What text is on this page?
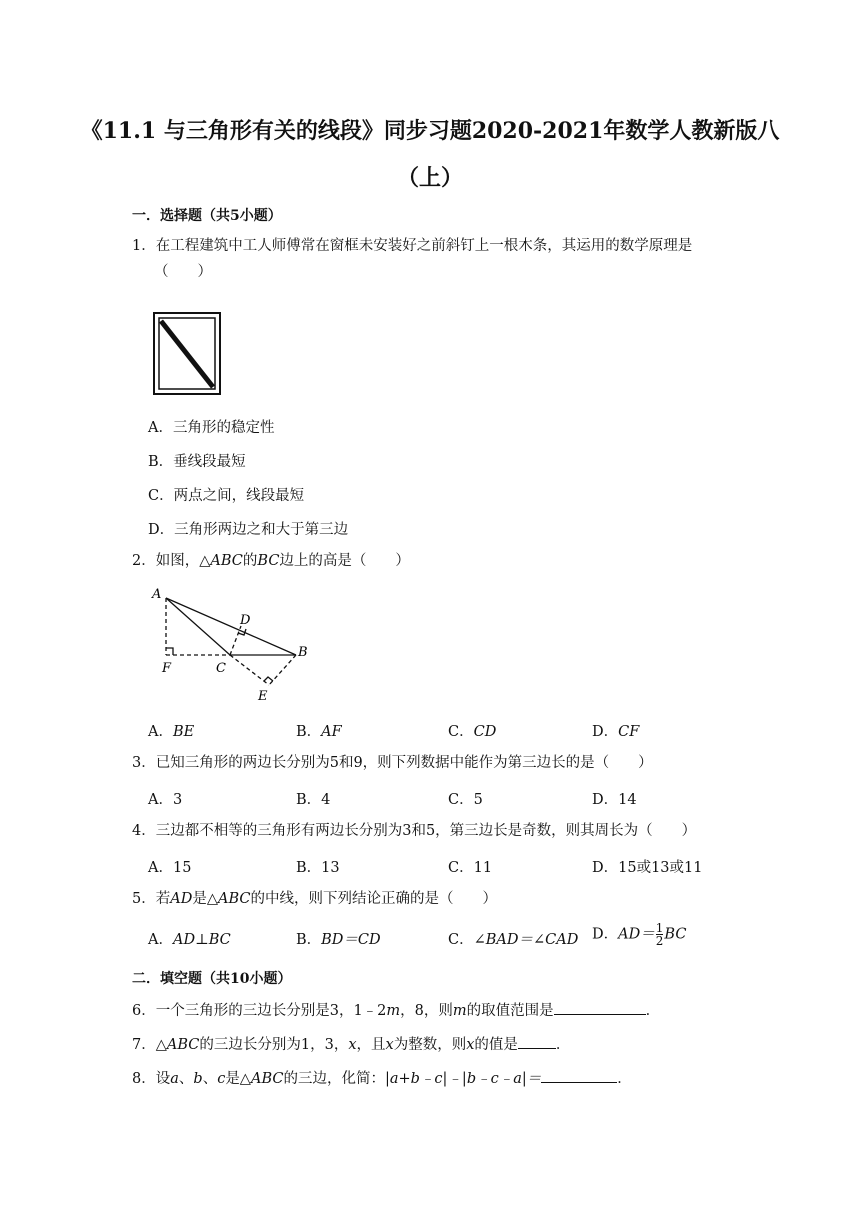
《11.1 与三角形有关的线段》同步习题2020-2021年数学人教新版八（上）
一．选择题（共5小题）
1．在工程建筑中工人师傅常在窗框未安装好之前斜钉上一根木条，其运用的数学原理是
（　　）
A．三角形的稳定性
B．垂线段最短
C．两点之间，线段最短
D．三角形两边之和大于第三边
2．如图，△ABC的BC边上的高是（　　）
A
B
C
D
E
F
A．BE	B．AF	C．CD	D．CF
3．已知三角形的两边长分别为5和9，则下列数据中能作为第三边长的是（　　）
A．3	B．4	C．5	D．14
4．三边都不相等的三角形有两边长分别为3和5，第三边长是奇数，则其周长为（　　）
A．15	B．13	C．11	D．15或13或11
5．若AD是△ABC的中线，则下列结论正确的是（　　）
A．AD⊥BC	B．BD＝CD	C．∠BAD＝∠CAD D．$AD= \frac{1}{2}$ BC
二．填空题（共10小题）
6．一个三角形的三边长分别是3，1﹣2m，8，则m的取值范围是	．
7．△ABC的三边长分别为1，3，x，且x为整数，则x的值是	．
8．设a、b、c是△ABC的三边，化简：|a+b﹣c|﹣|b﹣c﹣a|＝	．
